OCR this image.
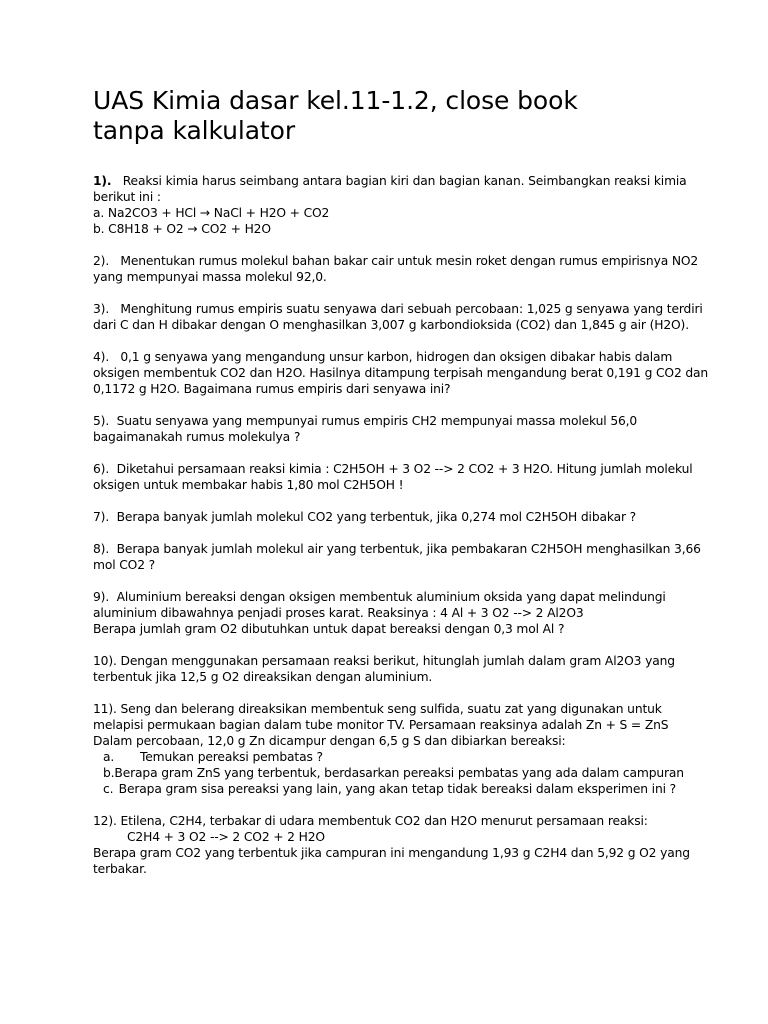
UAS Kimia dasar kel.11-1.2, close book
tanpa kalkulator
1). Reaksi kimia harus seimbang antara bagian kiri dan bagian kanan. Seimbangkan reaksi kimia
berikut ini :
a. Na2CO3 + HCl → NaCl + H2O + CO2
b. C8H18 + O2 → CO2 + H2O
2). Menentukan rumus molekul bahan bakar cair untuk mesin roket dengan rumus empirisnya NO2
yang mempunyai massa molekul 92,0.
3). Menghitung rumus empiris suatu senyawa dari sebuah percobaan: 1,025 g senyawa yang terdiri
dari C dan H dibakar dengan O menghasilkan 3,007 g karbondioksida (CO2) dan 1,845 g air (H2O).
4). 0,1 g senyawa yang mengandung unsur karbon, hidrogen dan oksigen dibakar habis dalam
oksigen membentuk CO2 dan H2O. Hasilnya ditampung terpisah mengandung berat 0,191 g CO2 dan
0,1172 g H2O. Bagaimana rumus empiris dari senyawa ini?
5). Suatu senyawa yang mempunyai rumus empiris CH2 mempunyai massa molekul 56,0
bagaimanakah rumus molekulya ?
6). Diketahui persamaan reaksi kimia : C2H5OH + 3 O2 --> 2 CO2 + 3 H2O. Hitung jumlah molekul
oksigen untuk membakar habis 1,80 mol C2H5OH !
7). Berapa banyak jumlah molekul CO2 yang terbentuk, jika 0,274 mol C2H5OH dibakar ?
8). Berapa banyak jumlah molekul air yang terbentuk, jika pembakaran C2H5OH menghasilkan 3,66
mol CO2 ?
9). Aluminium bereaksi dengan oksigen membentuk aluminium oksida yang dapat melindungi
aluminium dibawahnya penjadi proses karat. Reaksinya : 4 Al + 3 O2 --> 2 Al2O3
Berapa jumlah gram O2 dibutuhkan untuk dapat bereaksi dengan 0,3 mol Al ?
10). Dengan menggunakan persamaan reaksi berikut, hitunglah jumlah dalam gram Al2O3 yang
terbentuk jika 12,5 g O2 direaksikan dengan aluminium.
11). Seng dan belerang direaksikan membentuk seng sulfida, suatu zat yang digunakan untuk
melapisi permukaan bagian dalam tube monitor TV. Persamaan reaksinya adalah Zn + S = ZnS
Dalam percobaan, 12,0 g Zn dicampur dengan 6,5 g S dan dibiarkan bereaksi:
a.	Temukan pereaksi pembatas ?
b. Berapa gram ZnS yang terbentuk, berdasarkan pereaksi pembatas yang ada dalam campuran
c. Berapa gram sisa pereaksi yang lain, yang akan tetap tidak bereaksi dalam eksperimen ini ?
12). Etilena, C2H4, terbakar di udara membentuk CO2 dan H2O menurut persamaan reaksi:
C2H4 + 3 O2 --> 2 CO2 + 2 H2O
Berapa gram CO2 yang terbentuk jika campuran ini mengandung 1,93 g C2H4 dan 5,92 g O2 yang
terbakar.
